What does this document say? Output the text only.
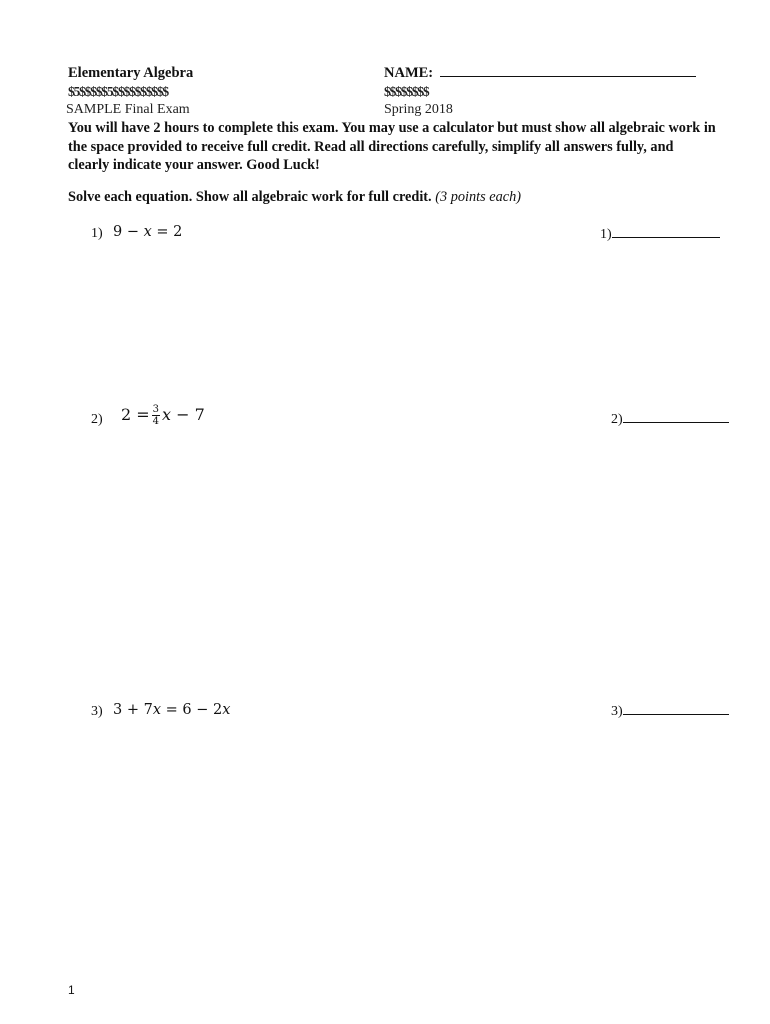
Elementary Algebra	NAME:
$5$$$$$5$$$$$$$$$$	$$$$$$$$
SAMPLE Final Exam	Spring 2018
You will have 2 hours to complete this exam. You may use a calculator but must show all algebraic work in the space provided to receive full credit. Read all directions carefully, simplify all answers fully, and clearly indicate your answer. Good Luck!
Solve each equation. Show all algebraic work for full credit. (3 points each)
1) 9 − x = 2	1)
2) $2 = \frac{3}{4}$ x − 7	2)
3) 3 + 7x = 6 − 2x	3)
1
